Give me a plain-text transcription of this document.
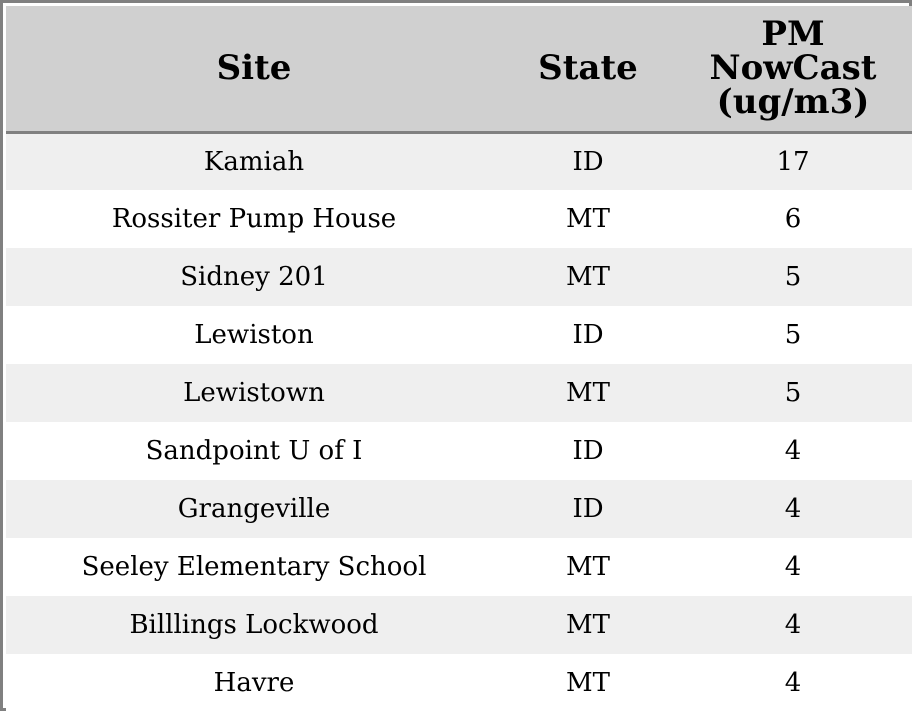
Site	State	PM
NowCast
(ug/m3)

Kamiah	ID	17
Rossiter Pump House	MT	6
Sidney 201	MT	5
Lewiston	ID	5
Lewistown	MT	5
Sandpoint U of I	ID	4
Grangeville	ID	4
Seeley Elementary School	MT	4
Billlings Lockwood	MT	4
Havre	MT	4
